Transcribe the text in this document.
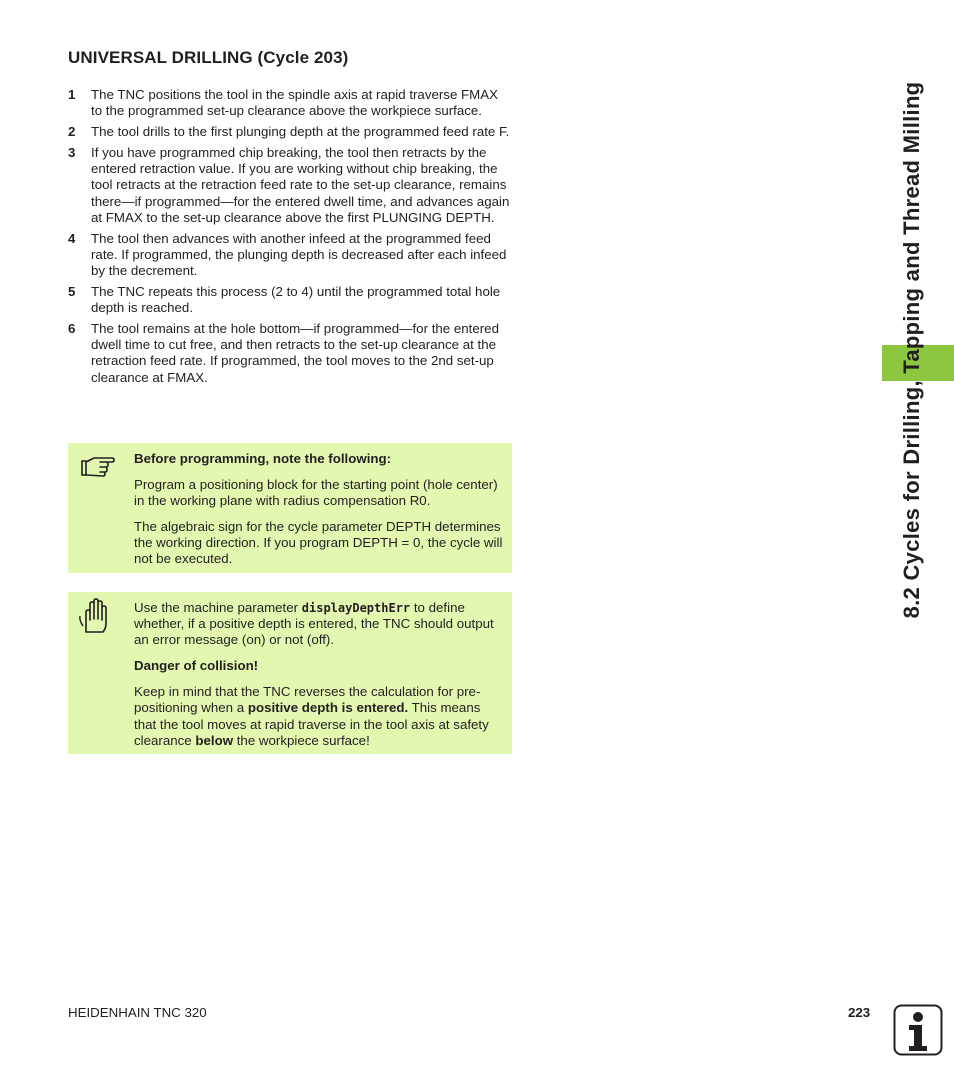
UNIVERSAL DRILLING (Cycle 203)
1	The TNC positions the tool in the spindle axis at rapid traverse FMAX to the programmed set-up clearance above the workpiece surface.
2	The tool drills to the first plunging depth at the programmed feed rate F.
3	If you have programmed chip breaking, the tool then retracts by the entered retraction value. If you are working without chip breaking, the tool retracts at the retraction feed rate to the set-up clearance, remains there—if programmed—for the entered dwell time, and advances again at FMAX to the set-up clearance above the first PLUNGING DEPTH.
4	The tool then advances with another infeed at the programmed feed rate. If programmed, the plunging depth is decreased after each infeed by the decrement.
5	The TNC repeats this process (2 to 4) until the programmed total hole depth is reached.
6	The tool remains at the hole bottom—if programmed—for the entered dwell time to cut free, and then retracts to the set-up clearance at the retraction feed rate. If programmed, the tool moves to the 2nd set-up clearance at FMAX.

Before programming, note the following:

Program a positioning block for the starting point (hole center) in the working plane with radius compensation R0.

The algebraic sign for the cycle parameter DEPTH determines the working direction. If you program DEPTH = 0, the cycle will not be executed.

Use the machine parameter displayDepthErr to define whether, if a positive depth is entered, the TNC should output an error message (on) or not (off).

Danger of collision!

Keep in mind that the TNC reverses the calculation for pre-positioning when a positive depth is entered. This means that the tool moves at rapid traverse in the tool axis at safety clearance below the workpiece surface!

8.2 Cycles for Drilling, Tapping and Thread Milling
HEIDENHAIN TNC 320	223
